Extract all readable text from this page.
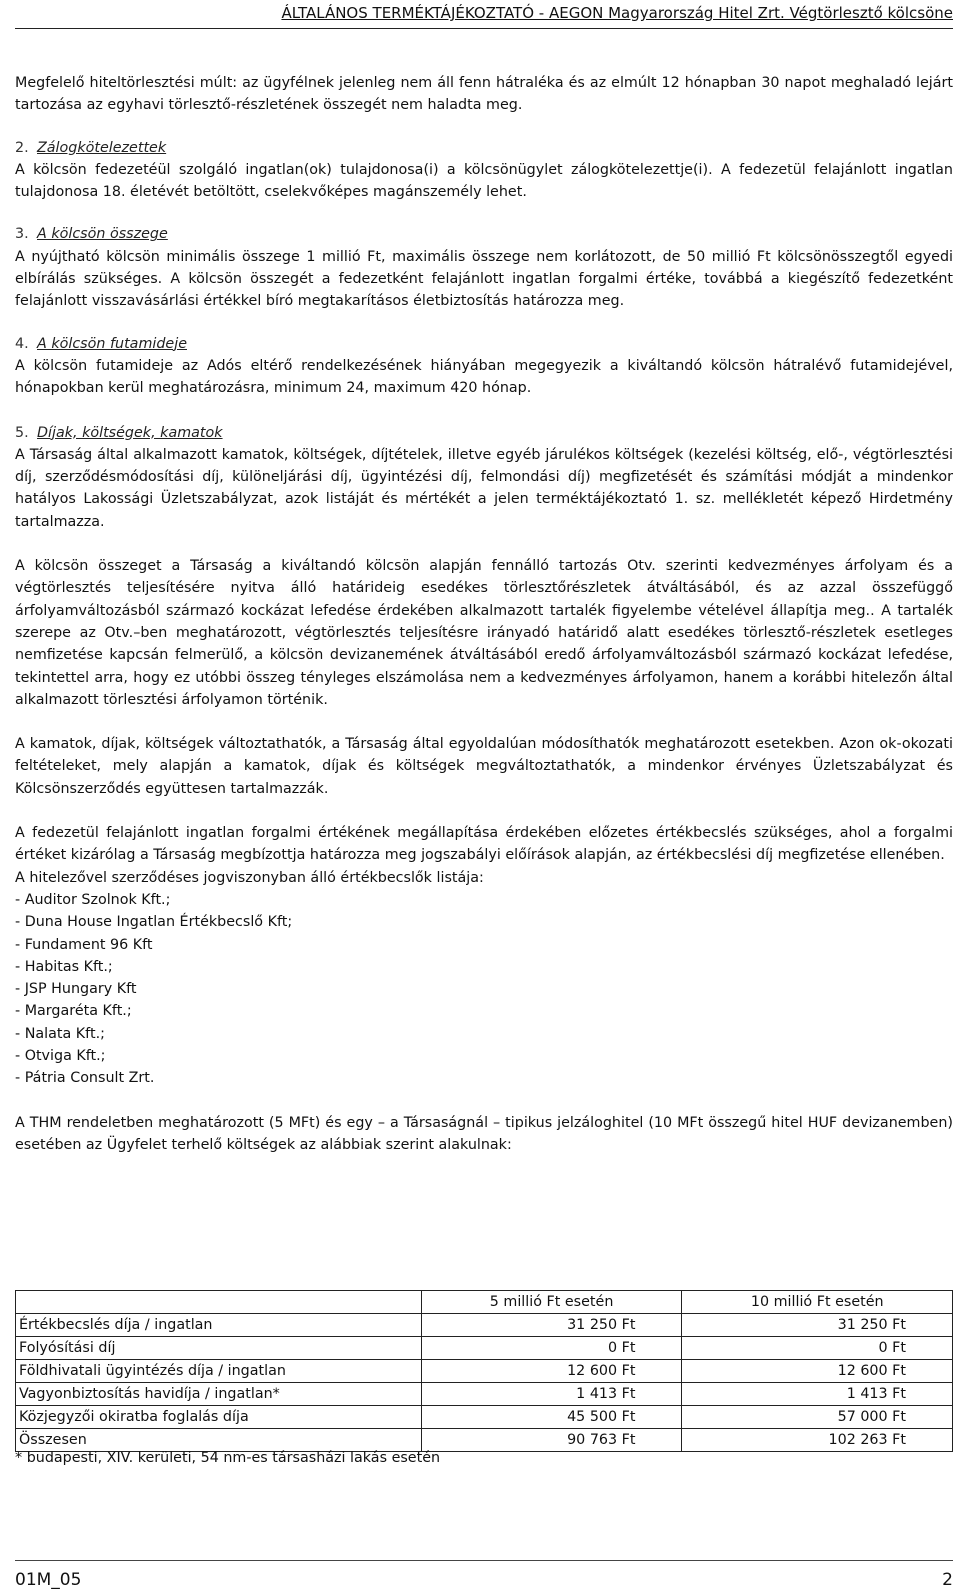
ÁLTALÁNOS TERMÉKTÁJÉKOZTATÓ - AEGON Magyarország Hitel Zrt. Végtörlesztő kölcsöne

Megfelelő hiteltörlesztési múlt: az ügyfélnek jelenleg nem áll fenn hátraléka és az elmúlt 12 hónapban 30 napot meghaladó lejárt tartozása az egyhavi törlesztő-részletének összegét nem haladta meg.

2. Zálogkötelezettek

A kölcsön fedezetéül szolgáló ingatlan(ok) tulajdonosa(i) a kölcsönügylet zálogkötelezettje(i). A fedezetül felajánlott ingatlan tulajdonosa 18. életévét betöltött, cselekvőképes magánszemély lehet.

3. A kölcsön összege

A nyújtható kölcsön minimális összege 1 millió Ft, maximális összege nem korlátozott, de 50 millió Ft kölcsönösszegtől egyedi elbírálás szükséges. A kölcsön összegét a fedezetként felajánlott ingatlan forgalmi értéke, továbbá a kiegészítő fedezetként felajánlott visszavásárlási értékkel bíró megtakarításos életbiztosítás határozza meg.

4. A kölcsön futamideje

A kölcsön futamideje az Adós eltérő rendelkezésének hiányában megegyezik a kiváltandó kölcsön hátralévő futamidejével, hónapokban kerül meghatározásra, minimum 24, maximum 420 hónap.

5. Díjak, költségek, kamatok

A Társaság által alkalmazott kamatok, költségek, díjtételek, illetve egyéb járulékos költségek (kezelési költség, elő-, végtörlesztési díj, szerződésmódosítási díj, különeljárási díj, ügyintézési díj, felmondási díj) megfizetését és számítási módját a mindenkor hatályos Lakossági Üzletszabályzat, azok listáját és mértékét a jelen terméktájékoztató 1. sz. mellékletét képező Hirdetmény tartalmazza.

A kölcsön összeget a Társaság a kiváltandó kölcsön alapján fennálló tartozás Otv. szerinti kedvezményes árfolyam és a végtörlesztés teljesítésére nyitva álló határideig esedékes törlesztőrészletek átváltásából, és az azzal összefüggő árfolyamváltozásból származó kockázat lefedése érdekében alkalmazott tartalék figyelembe vételével állapítja meg.. A tartalék szerepe az Otv.–ben meghatározott, végtörlesztés teljesítésre irányadó határidő alatt esedékes törlesztő-részletek esetleges nemfizetése kapcsán felmerülő, a kölcsön devizanemének átváltásából eredő árfolyamváltozásból származó kockázat lefedése, tekintettel arra, hogy ez utóbbi összeg tényleges elszámolása nem a kedvezményes árfolyamon, hanem a korábbi hitelezőn által alkalmazott törlesztési árfolyamon történik.

A kamatok, díjak, költségek változtathatók, a Társaság által egyoldalúan módosíthatók meghatározott esetekben. Azon ok-okozati feltételeket, mely alapján a kamatok, díjak és költségek megváltoztathatók, a mindenkor érvényes Üzletszabályzat és Kölcsönszerződés együttesen tartalmazzák.

A fedezetül felajánlott ingatlan forgalmi értékének megállapítása érdekében előzetes értékbecslés szükséges, ahol a forgalmi értéket kizárólag a Társaság megbízottja határozza meg jogszabályi előírások alapján, az értékbecslési díj megfizetése ellenében.

A hitelezővel szerződéses jogviszonyban álló értékbecslők listája:

- Auditor Szolnok Kft.;
- Duna House Ingatlan Értékbecslő Kft;
- Fundament 96 Kft
- Habitas Kft.;
- JSP Hungary Kft
- Margaréta Kft.;
- Nalata Kft.;
- Otviga Kft.;
- Pátria Consult Zrt.

A THM rendeletben meghatározott (5 MFt) és egy – a Társaságnál – tipikus jelzáloghitel (10 MFt összegű hitel HUF devizanemben) esetében az Ügyfelet terhelő költségek az alábbiak szerint alakulnak:

	5 millió Ft esetén	10 millió Ft esetén
Értékbecslés díja / ingatlan	31 250 Ft	31 250 Ft
Folyósítási díj	0 Ft	0 Ft
Földhivatali ügyintézés díja / ingatlan	12 600 Ft	12 600 Ft
Vagyonbiztosítás havidíja / ingatlan*	1 413 Ft	1 413 Ft
Közjegyzői okiratba foglalás díja	45 500 Ft	57 000 Ft
Összesen	90 763 Ft	102 263 Ft
* budapesti, XIV. kerületi, 54 nm-es társasházi lakás esetén
01M_05	2
